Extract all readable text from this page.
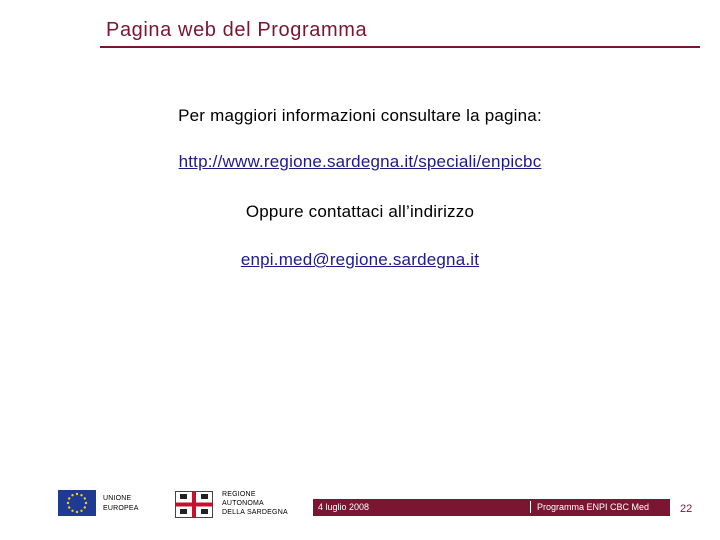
Pagina web del Programma
Per maggiori informazioni consultare la pagina:
http://www.regione.sardegna.it/speciali/enpicbc
Oppure contattaci all’indirizzo
enpi.med@regione.sardegna.it
UNIONE
EUROPEA
REGIONE
AUTONOMA
DELLA SARDEGNA
4 luglio 2008	Programma ENPI CBC Med	22
